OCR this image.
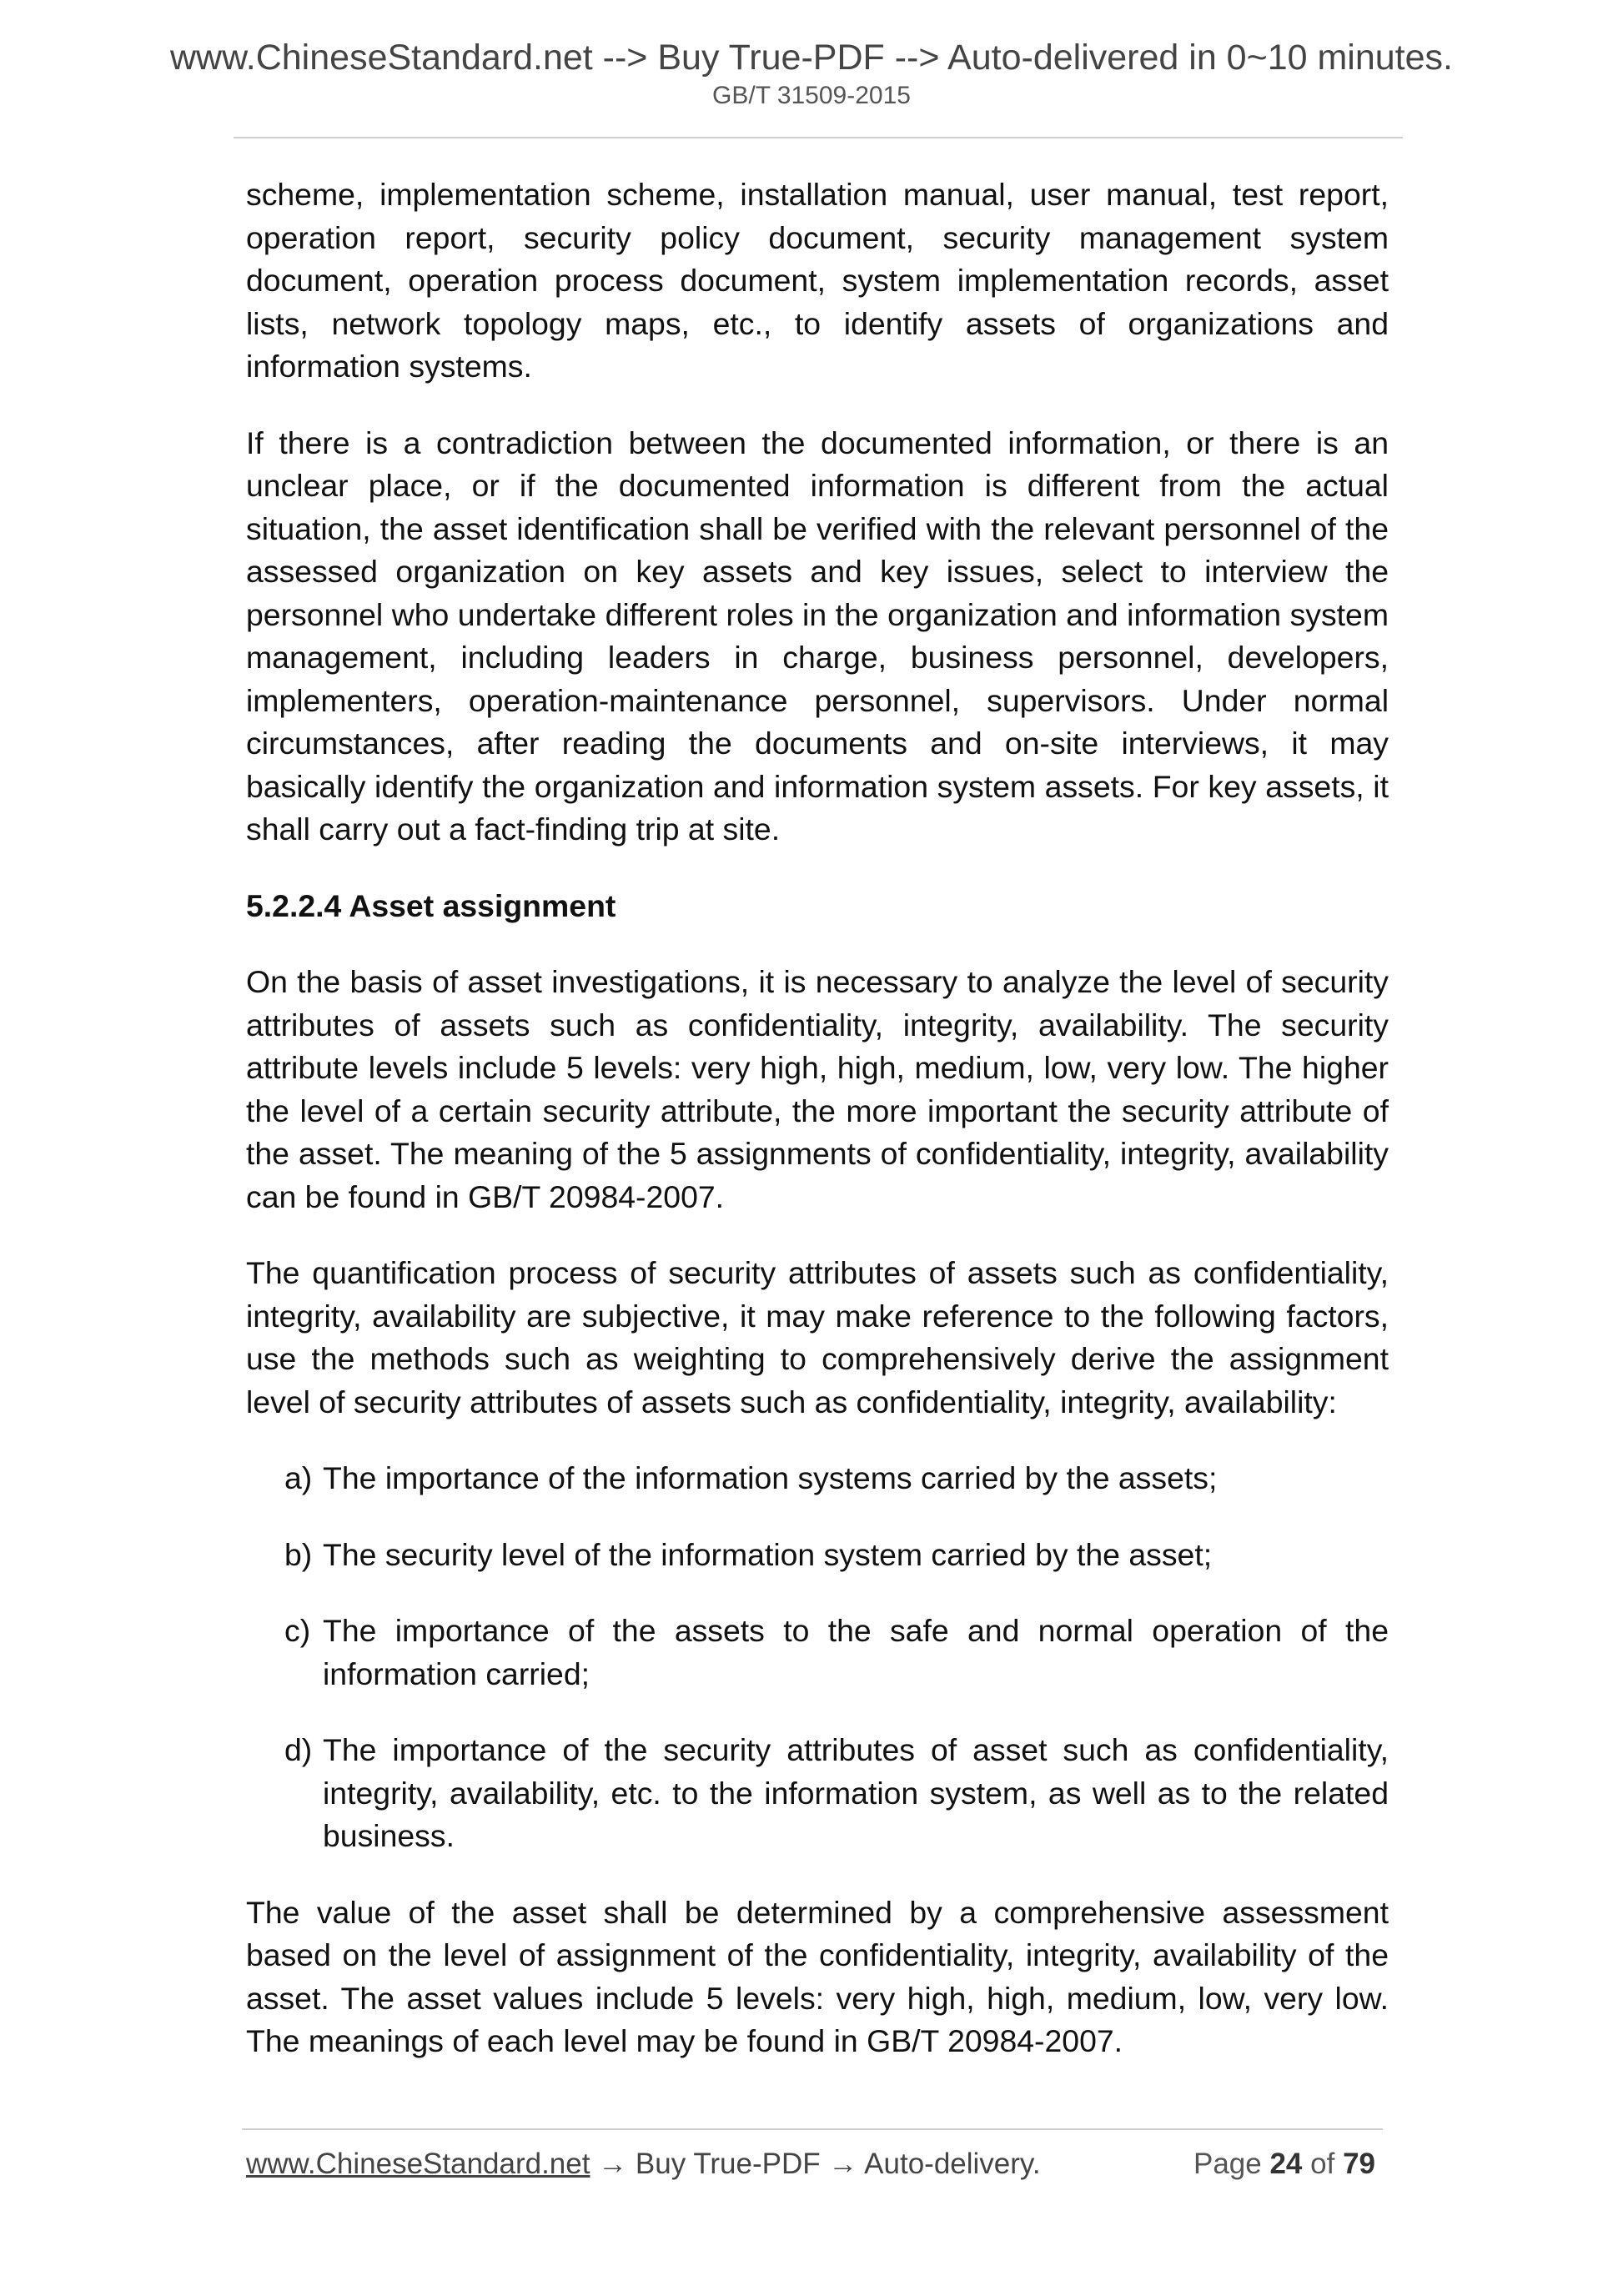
www.ChineseStandard.net --> Buy True-PDF --> Auto-delivered in 0~10 minutes.
GB/T 31509-2015

scheme, implementation scheme, installation manual, user manual, test report, operation report, security policy document, security management system document, operation process document, system implementation records, asset lists, network topology maps, etc., to identify assets of organizations and information systems.

If there is a contradiction between the documented information, or there is an unclear place, or if the documented information is different from the actual situation, the asset identification shall be verified with the relevant personnel of the assessed organization on key assets and key issues, select to interview the personnel who undertake different roles in the organization and information system management, including leaders in charge, business personnel, developers, implementers, operation-maintenance personnel, supervisors. Under normal circumstances, after reading the documents and on-site interviews, it may basically identify the organization and information system assets. For key assets, it shall carry out a fact-finding trip at site.

5.2.2.4 Asset assignment

On the basis of asset investigations, it is necessary to analyze the level of security attributes of assets such as confidentiality, integrity, availability. The security attribute levels include 5 levels: very high, high, medium, low, very low. The higher the level of a certain security attribute, the more important the security attribute of the asset. The meaning of the 5 assignments of confidentiality, integrity, availability can be found in GB/T 20984-2007.

The quantification process of security attributes of assets such as confidentiality, integrity, availability are subjective, it may make reference to the following factors, use the methods such as weighting to comprehensively derive the assignment level of security attributes of assets such as confidentiality, integrity, availability:

a) The importance of the information systems carried by the assets;
b) The security level of the information system carried by the asset;
c) The importance of the assets to the safe and normal operation of the information carried;
d) The importance of the security attributes of asset such as confidentiality, integrity, availability, etc. to the information system, as well as to the related business.

The value of the asset shall be determined by a comprehensive assessment based on the level of assignment of the confidentiality, integrity, availability of the asset. The asset values include 5 levels: very high, high, medium, low, very low. The meanings of each level may be found in GB/T 20984-2007.

www.ChineseStandard.net → Buy True-PDF → Auto-delivery.	Page 24 of 79
